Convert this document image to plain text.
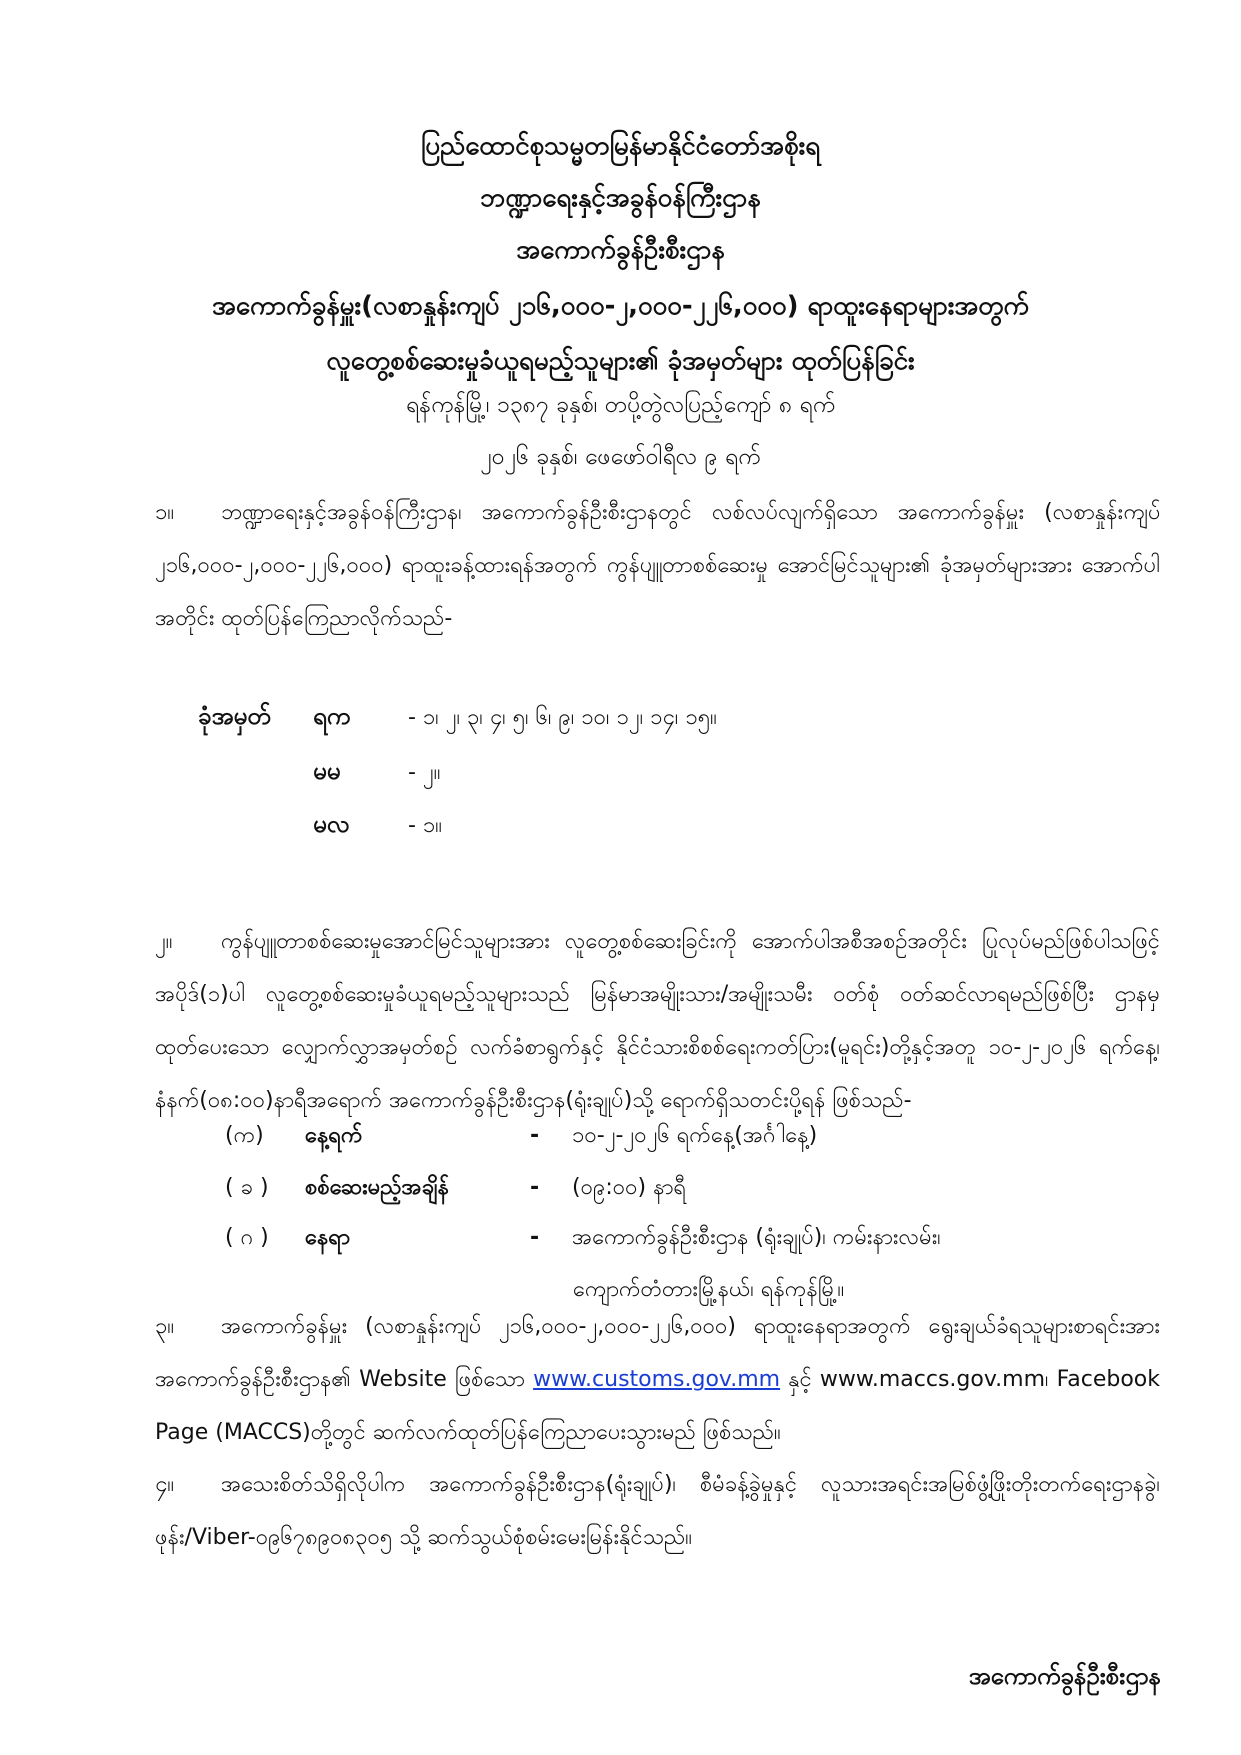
ပြည်ထောင်စုသမ္မတမြန်မာနိုင်ငံတော်အစိုးရ
ဘဏ္ဍာရေးနှင့်အခွန်ဝန်ကြီးဌာန
အကောက်ခွန်ဦးစီးဌာန
အကောက်ခွန်မှူး(လစာနှုန်းကျပ် ၂၁၆,၀၀၀-၂,၀၀၀-၂၂၆,၀၀၀) ရာထူးနေရာများအတွက်
လူတွေ့စစ်ဆေးမှုခံယူရမည့်သူများ၏ ခုံအမှတ်များ ထုတ်ပြန်ခြင်း
ရန်ကုန်မြို့၊ ၁၃၈၇ ခုနှစ်၊ တပို့တွဲလပြည့်ကျော် ၈ ရက်
၂၀၂၆ ခုနှစ်၊ ဖေဖော်ဝါရီလ ၉ ရက်
၁။ ဘဏ္ဍာရေးနှင့်အခွန်ဝန်ကြီးဌာန၊ အကောက်ခွန်ဦးစီးဌာနတွင် လစ်လပ်လျက်ရှိသော အကောက်ခွန်မှူး (လစာနှုန်းကျပ် ၂၁၆,၀၀၀-၂,၀၀၀-၂၂၆,၀၀၀) ရာထူးခန့်ထားရန်အတွက် ကွန်ပျူတာစစ်ဆေးမှု အောင်မြင်သူများ၏ ခုံအမှတ်များအား အောက်ပါအတိုင်း ထုတ်ပြန်ကြေညာလိုက်သည်-
ခုံအမှတ် ရက	- ၁၊ ၂၊ ၃၊ ၄၊ ၅၊ ၆၊ ၉၊ ၁၀၊ ၁၂၊ ၁၄၊ ၁၅။
မမ	- ၂။
မလ	- ၁။
၂။ ကွန်ပျူတာစစ်ဆေးမှုအောင်မြင်သူများအား လူတွေ့စစ်ဆေးခြင်းကို အောက်ပါအစီအစဉ်အတိုင်း ပြုလုပ်မည်ဖြစ်ပါသဖြင့် အပိုဒ်(၁)ပါ လူတွေ့စစ်ဆေးမှုခံယူရမည့်သူများသည် မြန်မာအမျိုးသား/အမျိုးသမီး ဝတ်စုံ ဝတ်ဆင်လာရမည်ဖြစ်ပြီး ဌာနမှ ထုတ်ပေးသော လျှောက်လွှာအမှတ်စဉ် လက်ခံစာရွက်နှင့် နိုင်ငံသားစိစစ်ရေးကတ်ပြား(မူရင်း)တို့နှင့်အတူ ၁၀-၂-၂၀၂၆ ရက်နေ့၊ နံနက်(၀၈:၀၀)နာရီအရောက် အကောက်ခွန်ဦးစီးဌာန(ရုံးချုပ်)သို့ ရောက်ရှိသတင်းပို့ရန် ဖြစ်သည်-
(က) နေ့ရက်	- ၁၀-၂-၂၀၂၆ ရက်နေ့(အင်္ဂါနေ့)
( ခ ) စစ်ဆေးမည့်အချိန်	- (၀၉:၀၀) နာရီ
( ဂ ) နေရာ	- အကောက်ခွန်ဦးစီးဌာန (ရုံးချုပ်)၊ ကမ်းနားလမ်း၊
ကျောက်တံတားမြို့နယ်၊ ရန်ကုန်မြို့။
၃။ အကောက်ခွန်မှူး (လစာနှုန်းကျပ် ၂၁၆,၀၀၀-၂,၀၀၀-၂၂၆,၀၀၀) ရာထူးနေရာအတွက် ရွေးချယ်ခံရသူများစာရင်းအား အကောက်ခွန်ဦးစီးဌာန၏ Website ဖြစ်သော www.customs.gov.mm နှင့် www.maccs.gov.mm၊ Facebook Page (MACCS)တို့တွင် ဆက်လက်ထုတ်ပြန်ကြေညာပေးသွားမည် ဖြစ်သည်။
၄။ အသေးစိတ်သိရှိလိုပါက အကောက်ခွန်ဦးစီးဌာန(ရုံးချုပ်)၊ စီမံခန့်ခွဲမှုနှင့် လူသားအရင်းအမြစ်ဖွံ့ဖြိုးတိုးတက်ရေးဌာနခွဲ၊ ဖုန်း/Viber-၀၉၆၇၈၉၀၈၃၀၅ သို့ ဆက်သွယ်စုံစမ်းမေးမြန်းနိုင်သည်။
အကောက်ခွန်ဦးစီးဌာန
